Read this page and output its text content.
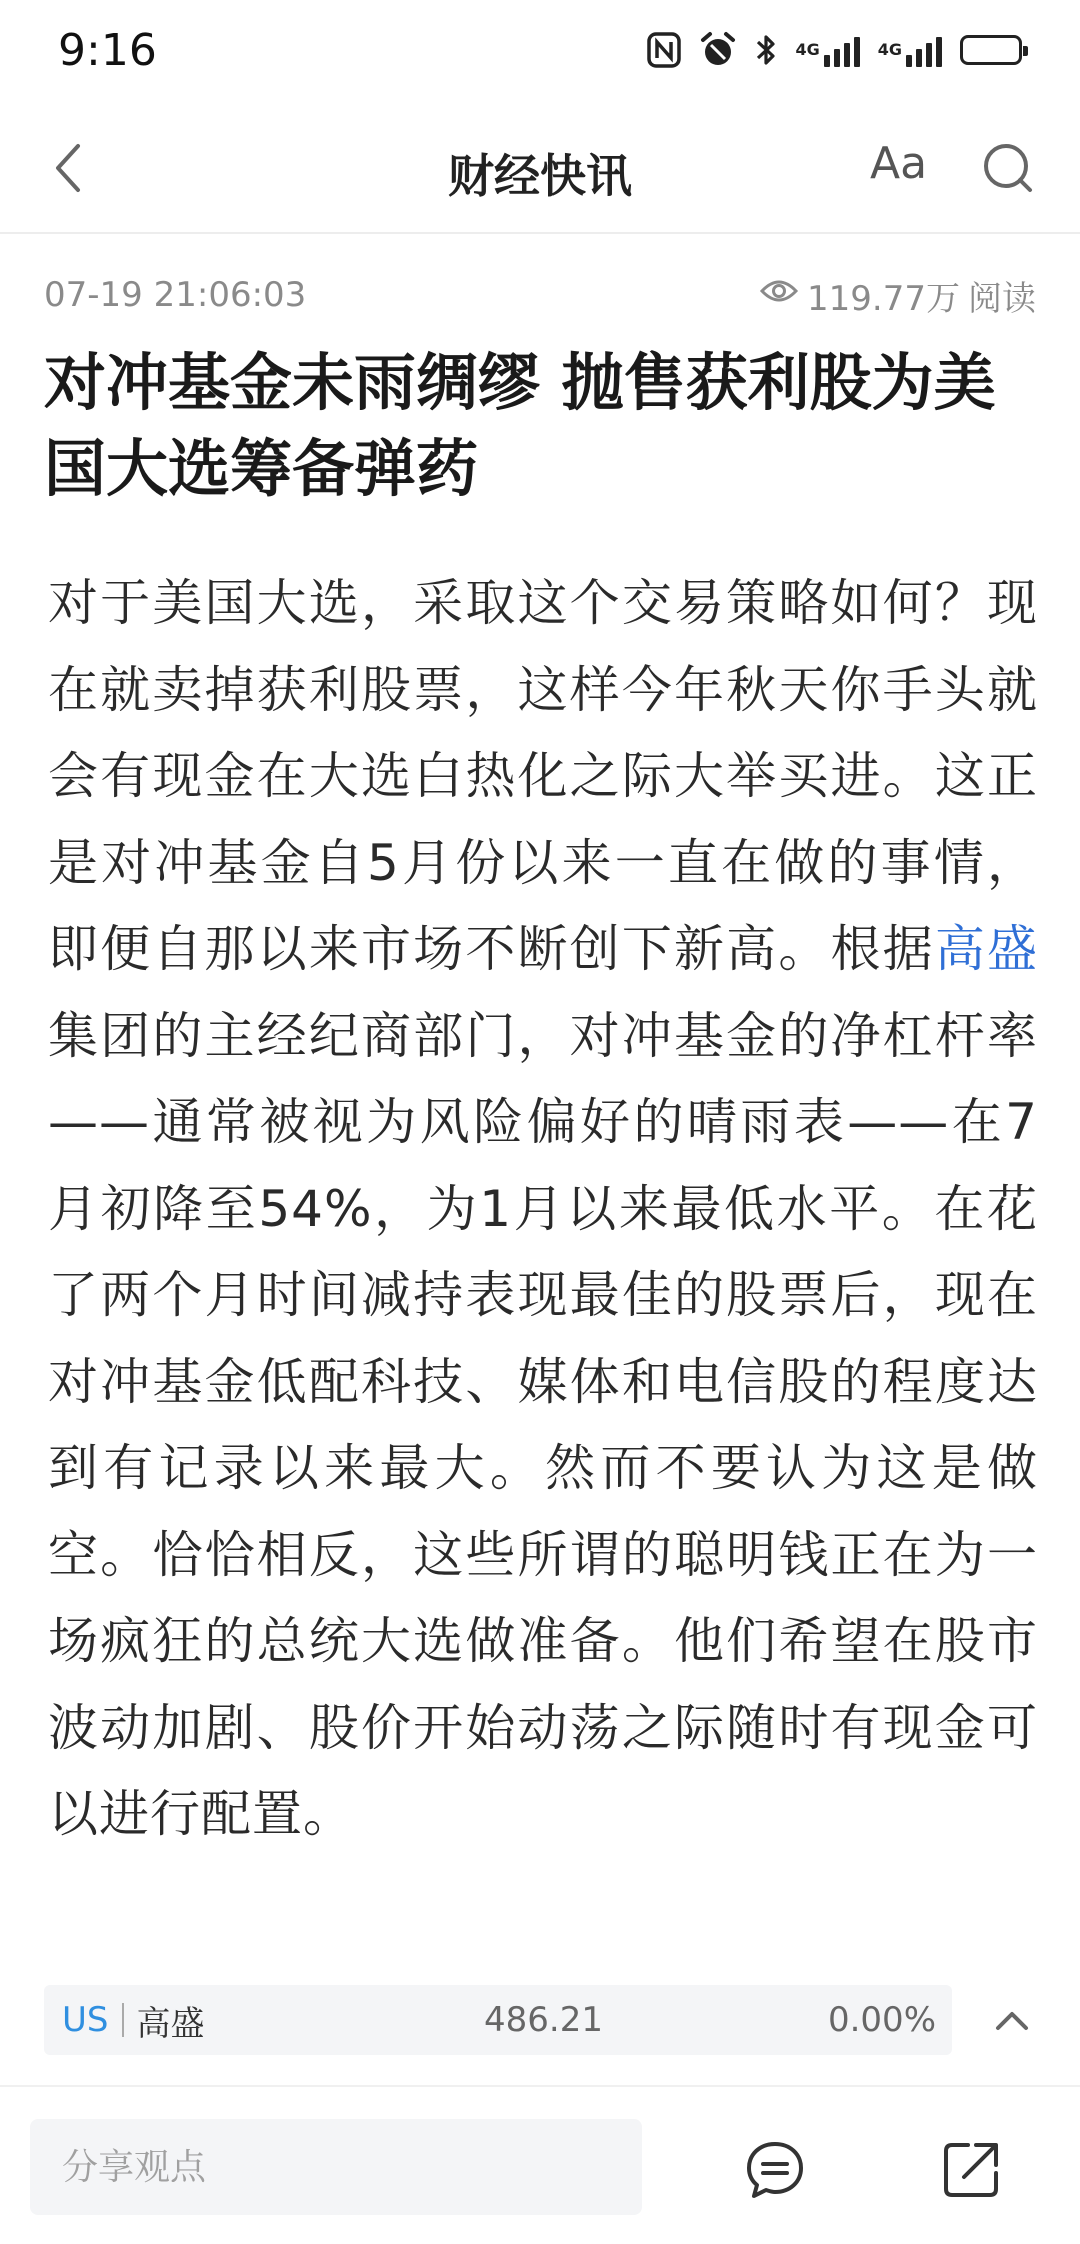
9:16	4G	4G
财经快讯	Aa
07-19 21:06:03	119.77万 阅读
对冲基金未雨绸缪 抛售获利股为美国大选筹备弹药
对于美国大选，采取这个交易策略如何？现在就卖掉获利股票，这样今年秋天你手头就会有现金在大选白热化之际大举买进。这正是对冲基金自5月份以来一直在做的事情，即便自那以来市场不断创下新高。根据高盛集团的主经纪商部门，对冲基金的净杠杆率——通常被视为风险偏好的晴雨表——在7月初降至54%，为1月以来最低水平。在花了两个月时间减持表现最佳的股票后，现在对冲基金低配科技、媒体和电信股的程度达到有记录以来最大。然而不要认为这是做空。恰恰相反，这些所谓的聪明钱正在为一场疯狂的总统大选做准备。他们希望在股市波动加剧、股价开始动荡之际随时有现金可以进行配置。
US 高盛	486.21	0.00%
分享观点
